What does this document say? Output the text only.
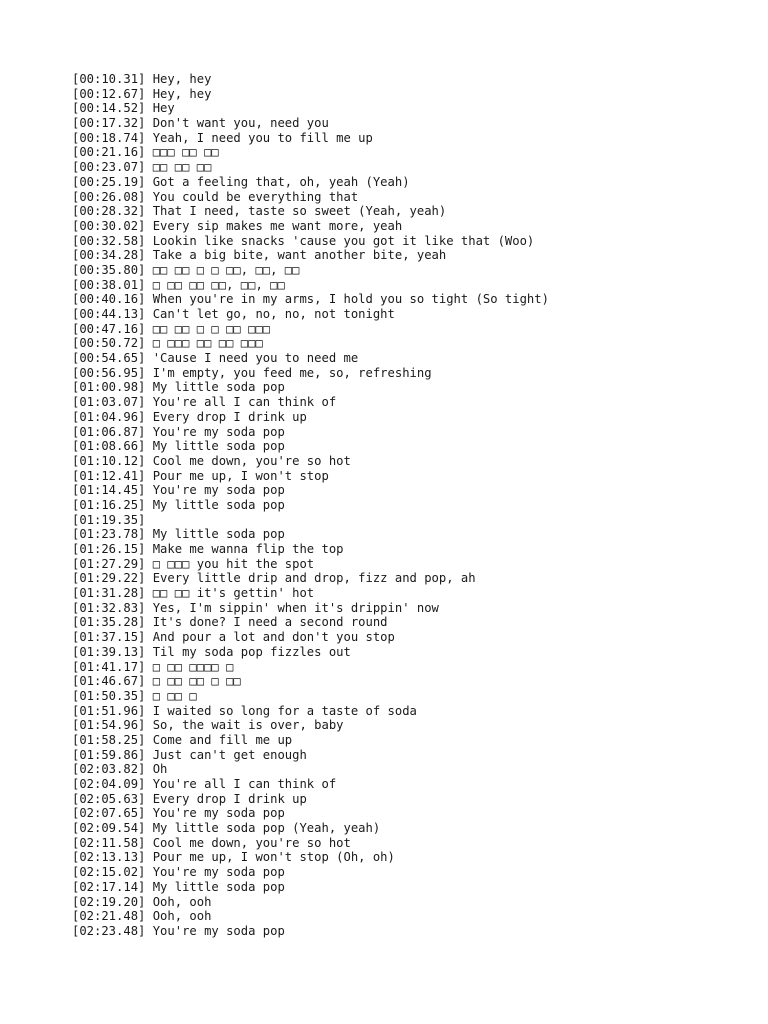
[00:10.31] Hey, hey
[00:12.67] Hey, hey
[00:14.52] Hey
[00:17.32] Don't want you, need you
[00:18.74] Yeah, I need you to fill me up
[00:21.16] □□□ □□ □□
[00:23.07] □□ □□ □□
[00:25.19] Got a feeling that, oh, yeah (Yeah)
[00:26.08] You could be everything that
[00:28.32] That I need, taste so sweet (Yeah, yeah)
[00:30.02] Every sip makes me want more, yeah
[00:32.58] Lookin like snacks 'cause you got it like that (Woo)
[00:34.28] Take a big bite, want another bite, yeah
[00:35.80] □□ □□ □ □ □□, □□, □□
[00:38.01] □ □□ □□ □□, □□, □□
[00:40.16] When you're in my arms, I hold you so tight (So tight)
[00:44.13] Can't let go, no, no, not tonight
[00:47.16] □□ □□ □ □ □□ □□□
[00:50.72] □ □□□ □□ □□ □□□
[00:54.65] 'Cause I need you to need me
[00:56.95] I'm empty, you feed me, so, refreshing
[01:00.98] My little soda pop
[01:03.07] You're all I can think of
[01:04.96] Every drop I drink up
[01:06.87] You're my soda pop
[01:08.66] My little soda pop
[01:10.12] Cool me down, you're so hot
[01:12.41] Pour me up, I won't stop
[01:14.45] You're my soda pop
[01:16.25] My little soda pop
[01:19.35]
[01:23.78] My little soda pop
[01:26.15] Make me wanna flip the top
[01:27.29] □ □□□ you hit the spot
[01:29.22] Every little drip and drop, fizz and pop, ah
[01:31.28] □□ □□ it's gettin' hot
[01:32.83] Yes, I'm sippin' when it's drippin' now
[01:35.28] It's done? I need a second round
[01:37.15] And pour a lot and don't you stop
[01:39.13] Til my soda pop fizzles out
[01:41.17] □ □□ □□□□ □
[01:46.67] □ □□ □□ □ □□
[01:50.35] □ □□ □
[01:51.96] I waited so long for a taste of soda
[01:54.96] So, the wait is over, baby
[01:58.25] Come and fill me up
[01:59.86] Just can't get enough
[02:03.82] Oh
[02:04.09] You're all I can think of
[02:05.63] Every drop I drink up
[02:07.65] You're my soda pop
[02:09.54] My little soda pop (Yeah, yeah)
[02:11.58] Cool me down, you're so hot
[02:13.13] Pour me up, I won't stop (Oh, oh)
[02:15.02] You're my soda pop
[02:17.14] My little soda pop
[02:19.20] Ooh, ooh
[02:21.48] Ooh, ooh
[02:23.48] You're my soda pop
